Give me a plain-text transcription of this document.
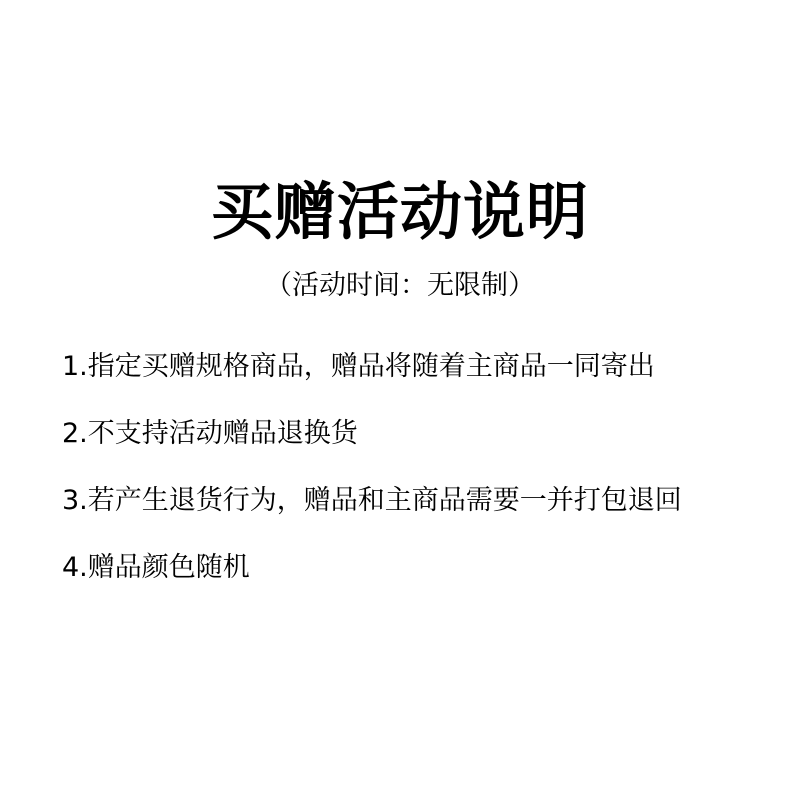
买赠活动说明
（活动时间：无限制）
1.指定买赠规格商品，赠品将随着主商品一同寄出
2.不支持活动赠品退换货
3.若产生退货行为，赠品和主商品需要一并打包退回
4.赠品颜色随机
